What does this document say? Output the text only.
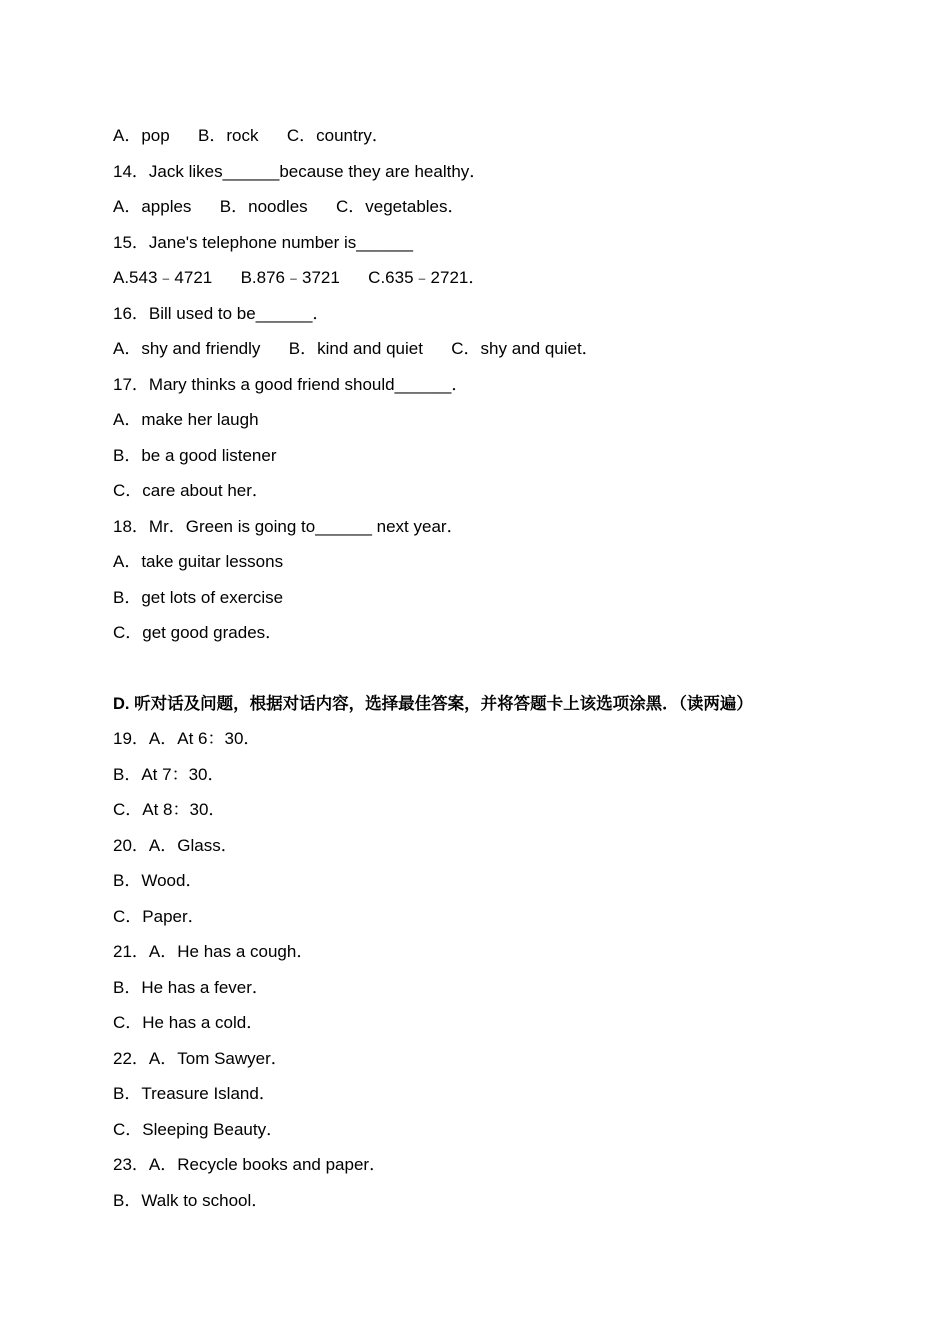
A．pop      B．rock      C．country．
14．Jack likes______because they are healthy．
A．apples      B．noodles      C．vegetables．
15．Jane's telephone number is______
A.543﹣4721      B.876﹣3721      C.635﹣2721．
16．Bill used to be______．
A．shy and friendly      B．kind and quiet      C．shy and quiet．
17．Mary thinks a good friend should______．
A．make her laugh
B．be a good listener
C．care about her．
18．Mr．Green is going to______ next year．
A．take guitar lessons
B．get lots of exercise
C．get good grades．
D. 听对话及问题，根据对话内容，选择最佳答案，并将答题卡上该选项涂黑．（读两遍）
19．A．At 6：30．
B．At 7：30．
C．At 8：30．
20．A．Glass．
B．Wood．
C．Paper．
21．A．He has a cough．
B．He has a fever．
C．He has a cold．
22．A．Tom Sawyer．
B．Treasure Island．
C．Sleeping Beauty．
23．A．Recycle books and paper．
B．Walk to school．
